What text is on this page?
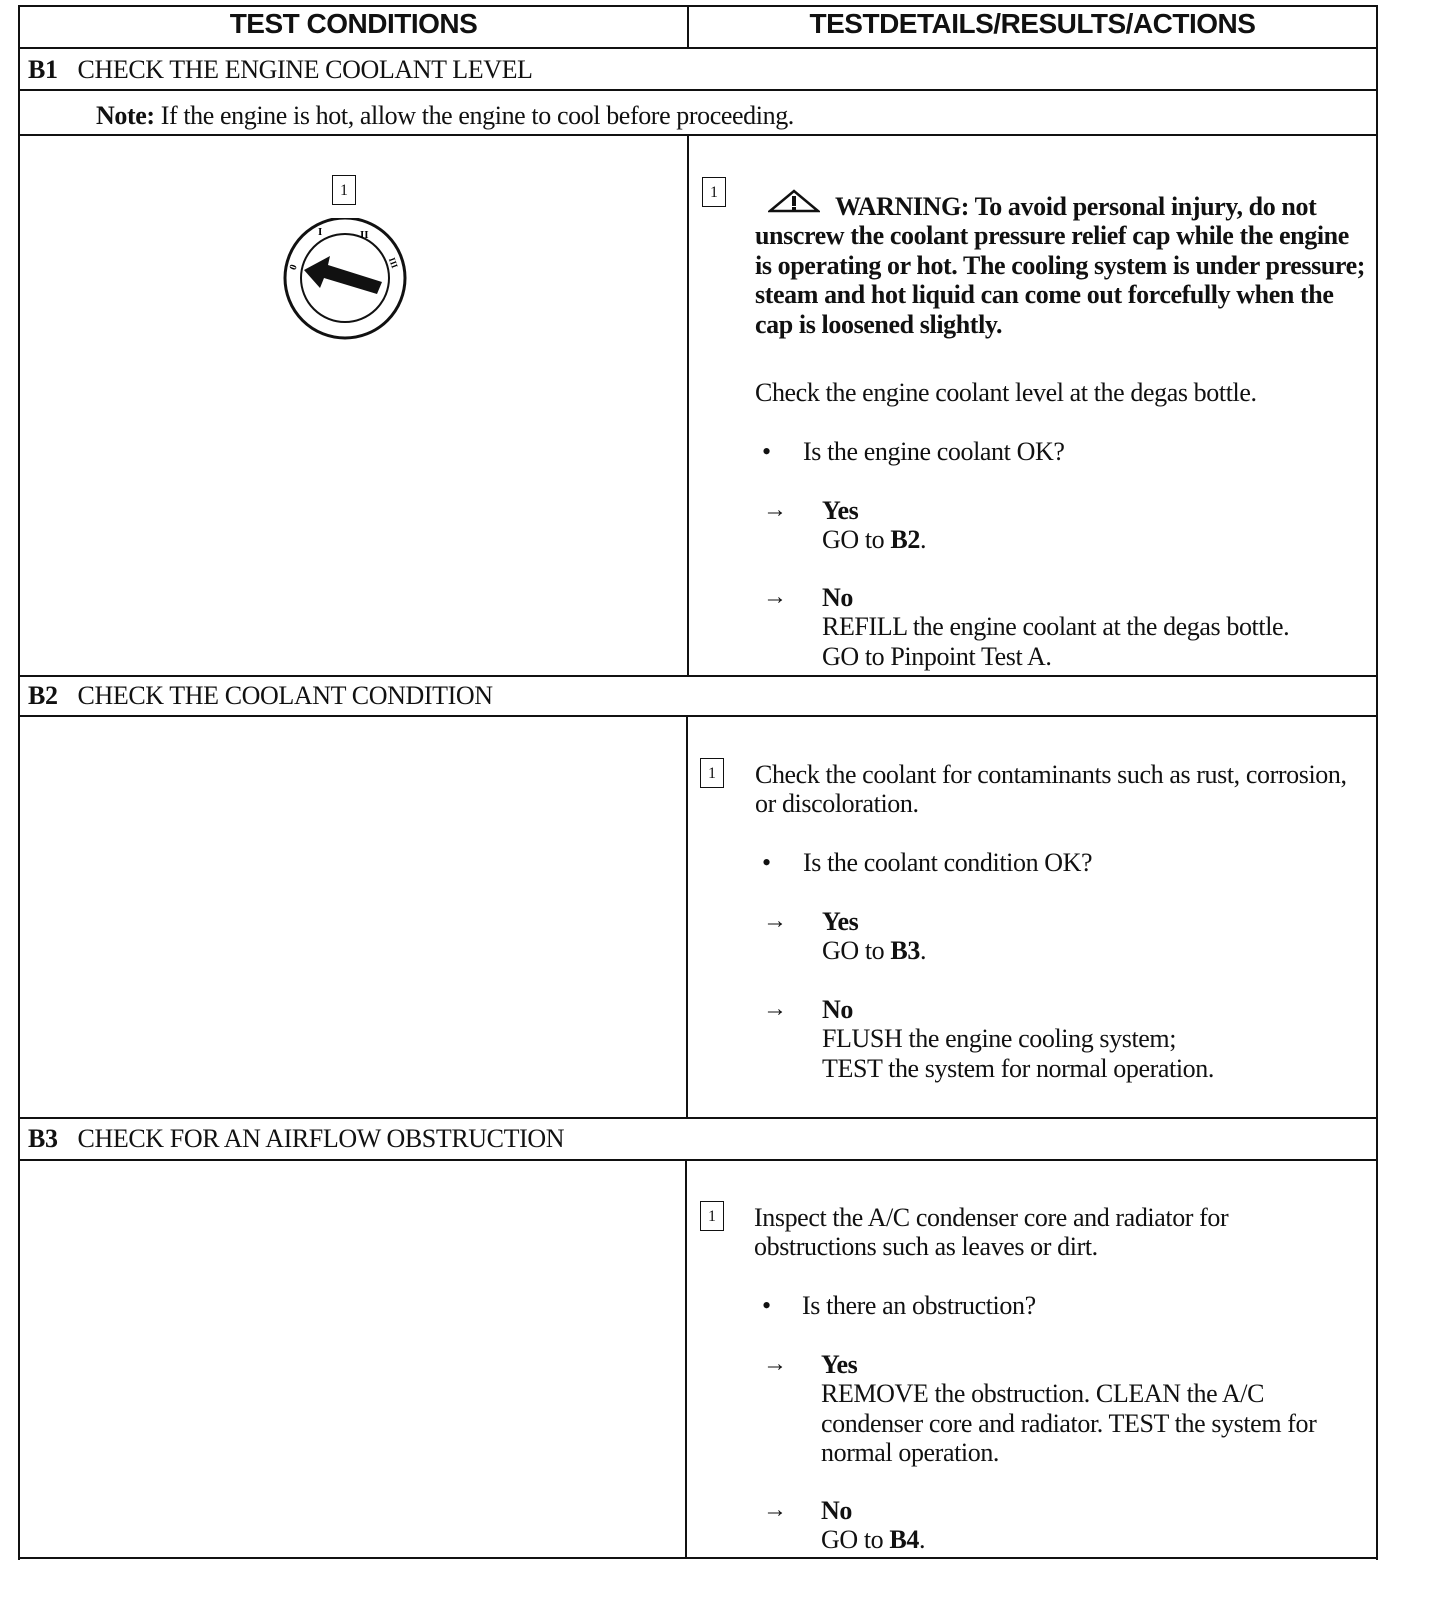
TEST CONDITIONS	TESTDETAILS/RESULTS/ACTIONS
B1 CHECK THE ENGINE COOLANT LEVEL
Note: If the engine is hot, allow the engine to cool before proceeding.
1
0
I	II
III
1	WARNING: To avoid personal injury, do not unscrew the coolant pressure relief cap while the engine is operating or hot. The cooling system is under pressure; steam and hot liquid can come out forcefully when the cap is loosened slightly.
Check the engine coolant level at the degas bottle.
• Is the engine coolant OK?
→ Yes
GO to B2.
→ No
REFILL the engine coolant at the degas bottle. GO to Pinpoint Test A.
B2 CHECK THE COOLANT CONDITION
1	Check the coolant for contaminants such as rust, corrosion, or discoloration.
• Is the coolant condition OK?
→ Yes
GO to B3.
→ No
FLUSH the engine cooling system;
TEST the system for normal operation.
B3 CHECK FOR AN AIRFLOW OBSTRUCTION
1	Inspect the A/C condenser core and radiator for obstructions such as leaves or dirt.
• Is there an obstruction?
→ Yes
REMOVE the obstruction. CLEAN the A/C condenser core and radiator. TEST the system for normal operation.
→ No
GO to B4.
